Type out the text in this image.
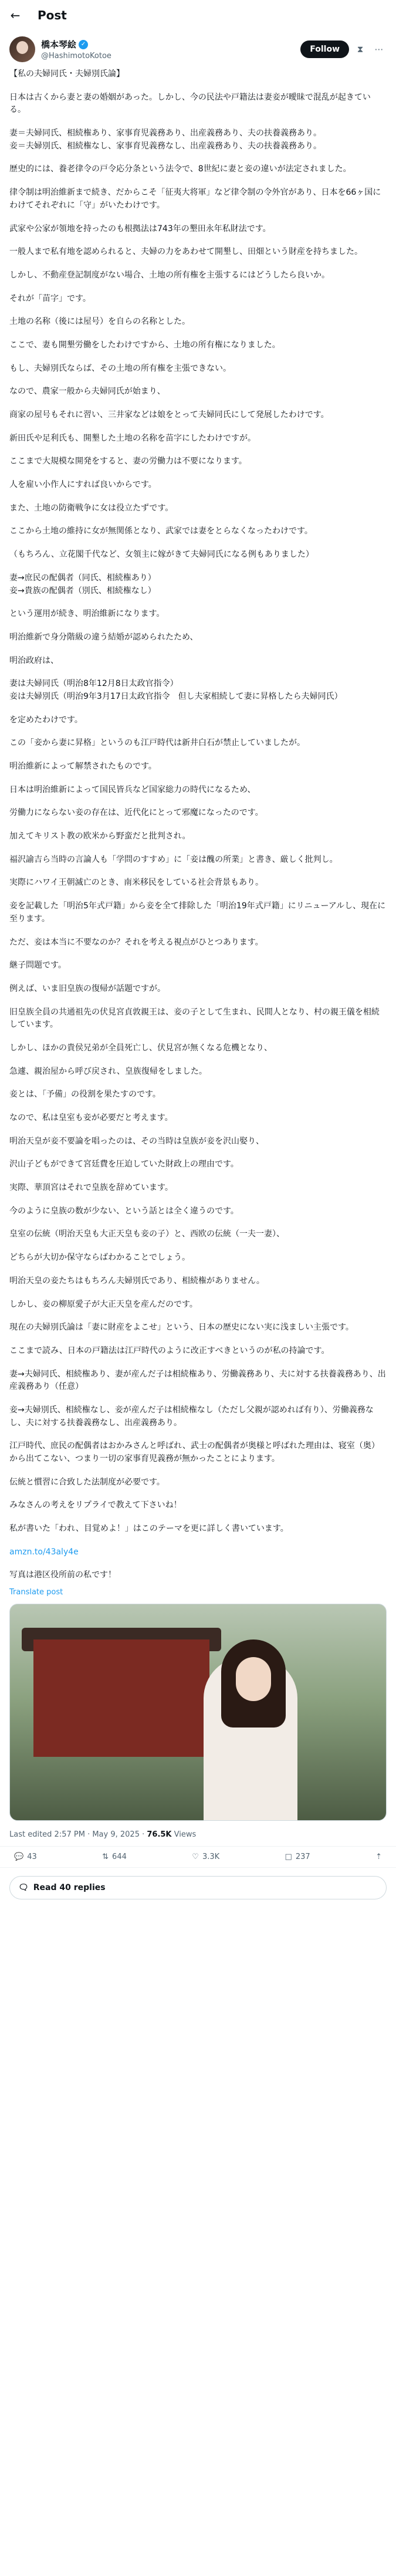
← Post
橋本琴絵 ✓
@HashimotoKotoe
Follow	⧗	⋯

【私の夫婦同氏・夫婦別氏論】

日本は古くから妻と妻の婚姻があった。しかし、今の民法や戸籍法は妻妾が曖昧で混乱が起きている。

妻＝夫婦同氏、相続権あり、家事育児義務あり、出産義務あり、夫の扶養義務あり。
妾＝夫婦別氏、相続権なし、家事育児義務なし、出産義務あり、夫の扶養義務あり。

歴史的には、養老律令の戸令応分条という法令で、8世紀に妻と妾の違いが法定されました。

律令制は明治維新まで続き、だからこそ「征夷大将軍」など律令制の令外官があり、日本を66ヶ国にわけてそれぞれに「守」がいたわけです。

武家や公家が領地を持ったのも根拠法は743年の墾田永年私財法です。

一般人まで私有地を認められると、夫婦の力をあわせて開墾し、田畑という財産を持ちました。

しかし、不動産登記制度がない場合、土地の所有権を主張するにはどうしたら良いか。

それが「苗字」です。

土地の名称（後には屋号）を自らの名称とした。

ここで、妻も開墾労働をしたわけですから、土地の所有権になりました。

もし、夫婦別氏ならば、その土地の所有権を主張できない。

なので、農家一般から夫婦同氏が始まり、

商家の屋号もそれに習い、三井家などは娘をとって夫婦同氏にして発展したわけです。

新田氏や足利氏も、開墾した土地の名称を苗字にしたわけですが。

ここまで大規模な開発をすると、妻の労働力は不要になります。

人を雇い小作人にすれば良いからです。

また、土地の防衛戦争に女は役立たずです。

ここから土地の維持に女が無関係となり、武家では妻をとらなくなったわけです。

（もちろん、立花閣千代など、女領主に嫁がきて夫婦同氏になる例もありました）

妻→庶民の配偶者（同氏、相続権あり）
妾→貴族の配偶者（別氏、相続権なし）

という運用が続き、明治維新になります。

明治維新で身分階級の違う結婚が認められたため、

明治政府は、

妻は夫婦同氏（明治8年12月8日太政官指令）
妾は夫婦別氏（明治9年3月17日太政官指令　但し夫家相続して妻に昇格したら夫婦同氏）

を定めたわけです。

この「妾から妻に昇格」というのも江戸時代は新井白石が禁止していましたが。

明治維新によって解禁されたものです。

日本は明治維新によって国民皆兵など国家総力の時代になるため、

労働力にならない妾の存在は、近代化にとって邪魔になったのです。

加えてキリスト教の欧米から野蛮だと批判され。

福沢諭吉ら当時の言論人も「学問のすすめ」に「妾は醜の所業」と書き、厳しく批判し。

実際にハワイ王朝滅亡のとき、南米移民をしている社会背景もあり。

妾を記載した「明治5年式戸籍」から妾を全て排除した「明治19年式戸籍」にリニューアルし、現在に至ります。

ただ、妾は本当に不要なのか？それを考える視点がひとつあります。

継子問題です。

例えば、いま旧皇族の復帰が話題ですが。

旧皇族全員の共通祖先の伏見宮貞敦親王は、妾の子として生まれ、民間人となり、村の親王儀を相続しています。

しかし、ほかの貴侯兄弟が全員死亡し、伏見宮が無くなる危機となり、

急遽、親治屋から呼び戻され、皇族復帰をしました。

妾とは、「予備」の役割を果たすのです。

なので、私は皇室も妾が必要だと考えます。

明治天皇が妾不要論を唱ったのは、その当時は皇族が妾を沢山娶り、

沢山子どもができて宮廷費を圧迫していた財政上の理由です。

実際、華頂宮はそれで皇族を辞めています。

今のように皇族の数が少ない、という話とは全く違うのです。

皇室の伝統（明治天皇も大正天皇も妾の子）と、西欧の伝統（一夫一妻）、

どちらが大切か保守ならばわかることでしょう。

明治天皇の妾たちはもちろん夫婦別氏であり、相続権がありません。

しかし、妾の柳原愛子が大正天皇を産んだのです。

現在の夫婦別氏論は「妻に財産をよこせ」という、日本の歴史にない実に浅ましい主張です。

ここまで読み、日本の戸籍法は江戸時代のように改正すべきというのが私の持論です。

妻→夫婦同氏、相続権あり、妻が産んだ子は相続権あり、労働義務あり、夫に対する扶養義務あり、出産義務あり（任意）

妾→夫婦別氏、相続権なし、妾が産んだ子は相続権なし（ただし父親が認めれば有り）、労働義務なし、夫に対する扶養義務なし、出産義務あり。

江戸時代、庶民の配偶者はおかみさんと呼ばれ、武士の配偶者が奥様と呼ばれた理由は、寝室（奥）から出てこない、つまり一切の家事育児義務が無かったことによります。

伝統と慣習に合致した法制度が必要です。

みなさんの考えをリプライで教えて下さいね！

私が書いた「われ、目覚めよ！」はこのテーマを更に詳しく書いています。

amzn.to/43aly4e

写真は港区役所前の私です！

Translate post
Last edited 2:57 PM · May 9, 2025 · 76.5K Views
💬 43	⇅ 644	♡ 3.3K	□ 237	⇡
🗨 Read 40 replies
